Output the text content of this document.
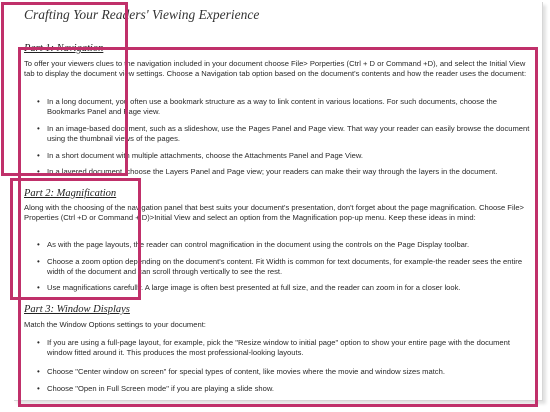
Crafting Your Readers' Viewing Experience
Part 1: Navigation
To offer your viewers clues to the navigation included in your document choose File> Porperties (Ctrl + D or Command +D), and select the Initial View tab to display the document view settings. Choose a Navigation tab option based on the document's contents and how the reader uses the document:
• In a long document, you often use a bookmark structure as a way to link content in various locations. For such documents, choose the Bookmarks Panel and Page view.
• In an image-based document, such as a slideshow, use the Pages Panel and Page view. That way your reader can easily browse the document using the thumbnail views of the pages.
• In a short document with multiple attachments, choose the Attachments Panel and Page View.
• In a layered document, choose the Layers Panel and Page view; your readers can make their way through the layers in the document.
Part 2: Magnification
Along with the choosing of the navigation panel that best suits your document's presentation, don't forget about the page magnification. Choose File> Properties (Ctrl +D or Command + D)>Initial View and select an option from the Magnification pop-up menu. Keep these ideas in mind:
• As with the page layouts, the reader can control magnification in the document using the controls on the Page Display toolbar.
• Choose a zoom option depending on the document's content. Fit Width is common for text documents, for example-the reader sees the entire width of the document and can scroll through vertically to see the rest.
• Use magnifications carefully. A large image is often best presented at full size, and the reader can zoom in for a closer look.
Part 3: Window Displays
Match the Window Options settings to your document:
• If you are using a full-page layout, for example, pick the "Resize window to initial page" option to show your entire page with the document window fitted around it. This produces the most professional-looking layouts.
• Choose "Center window on screen" for special types of content, like movies where the movie and window sizes match.
• Choose "Open in Full Screen mode" if you are playing a slide show.
